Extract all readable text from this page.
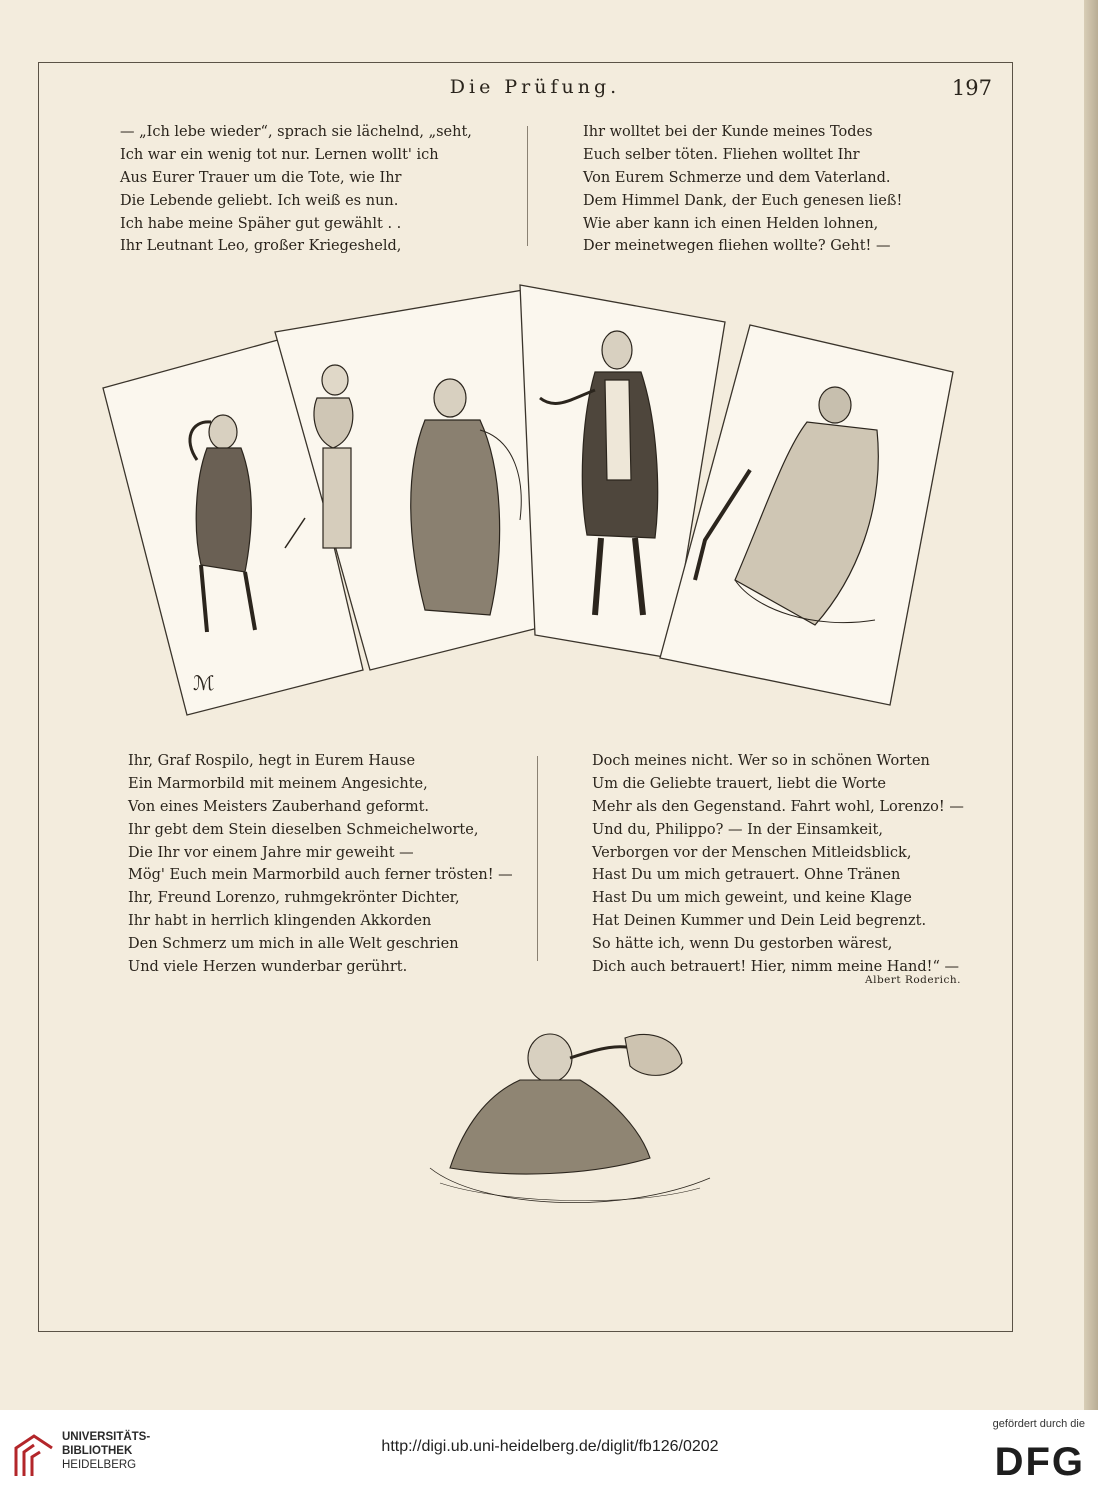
Die Prüfung.	197
— „Ich lebe wieder“, sprach sie lächelnd, „seht,
Ich war ein wenig tot nur. Lernen wollt' ich
Aus Eurer Trauer um die Tote, wie Ihr
Die Lebende geliebt. Ich weiß es nun.
Ich habe meine Späher gut gewählt . .
Ihr Leutnant Leo, großer Kriegesheld,
Ihr wolltet bei der Kunde meines Todes
Euch selber töten. Fliehen wolltet Ihr
Von Eurem Schmerze und dem Vaterland.
Dem Himmel Dank, der Euch genesen ließ!
Wie aber kann ich einen Helden lohnen,
Der meinetwegen fliehen wollte? Geht! —
ℳ
Ihr, Graf Rospilo, hegt in Eurem Hause
Ein Marmorbild mit meinem Angesichte,
Von eines Meisters Zauberhand geformt.
Ihr gebt dem Stein dieselben Schmeichelworte,
Die Ihr vor einem Jahre mir geweiht —
Mög' Euch mein Marmorbild auch ferner trösten! —
Ihr, Freund Lorenzo, ruhmgekrönter Dichter,
Ihr habt in herrlich klingenden Akkorden
Den Schmerz um mich in alle Welt geschrien
Und viele Herzen wunderbar gerührt.
Doch meines nicht. Wer so in schönen Worten
Um die Geliebte trauert, liebt die Worte
Mehr als den Gegenstand. Fahrt wohl, Lorenzo! —
Und du, Philippo? — In der Einsamkeit,
Verborgen vor der Menschen Mitleidsblick,
Hast Du um mich getrauert. Ohne Tränen
Hast Du um mich geweint, und keine Klage
Hat Deinen Kummer und Dein Leid begrenzt.
So hätte ich, wenn Du gestorben wärest,
Dich auch betrauert! Hier, nimm meine Hand!“ —
Albert Roderich.
UNIVERSITÄTS-
BIBLIOTHEK
HEIDELBERG
http://digi.ub.uni-heidelberg.de/diglit/fb126/0202
gefördert durch die
DFG
